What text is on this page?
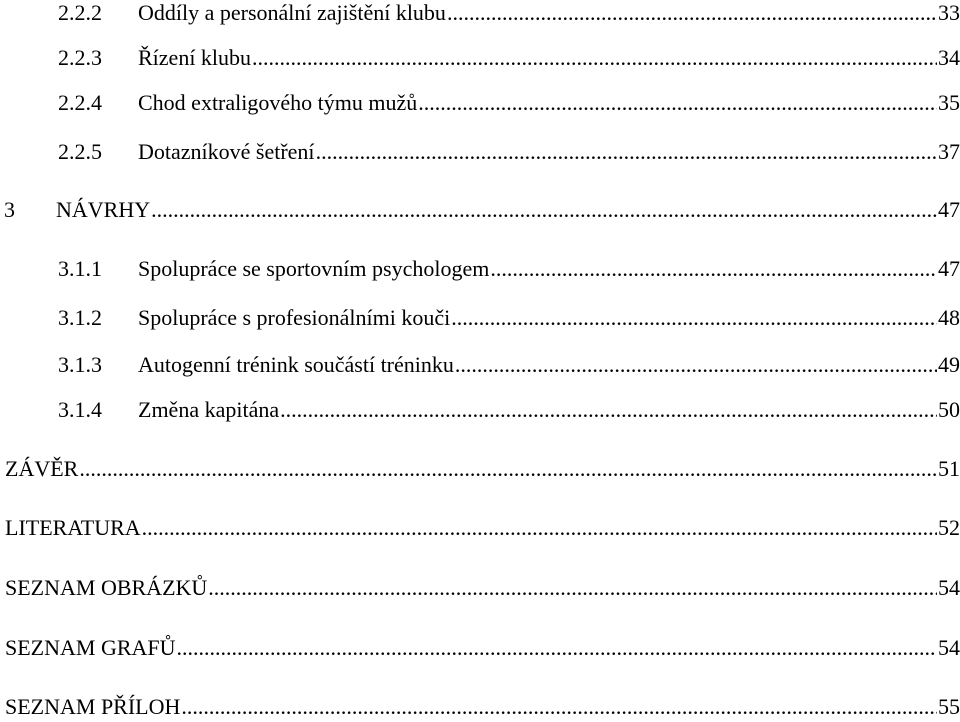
2.2.2	Oddíly a personální zajištění klubu .....	33
2.2.3	Řízení klubu .....	34
2.2.4	Chod extraligového týmu mužů .....	35
2.2.5	Dotazníkové šetření .....	37
3	NÁVRHY .....	47
3.1.1	Spolupráce se sportovním psychologem .....	47
3.1.2	Spolupráce s profesionálními kouči .....	48
3.1.3	Autogenní trénink součástí tréninku .....	49
3.1.4	Změna kapitána .....	50
ZÁVĚR .....	51
LITERATURA .....	52
SEZNAM OBRÁZKŮ .....	54
SEZNAM GRAFŮ .....	54
SEZNAM PŘÍLOH .....	55
